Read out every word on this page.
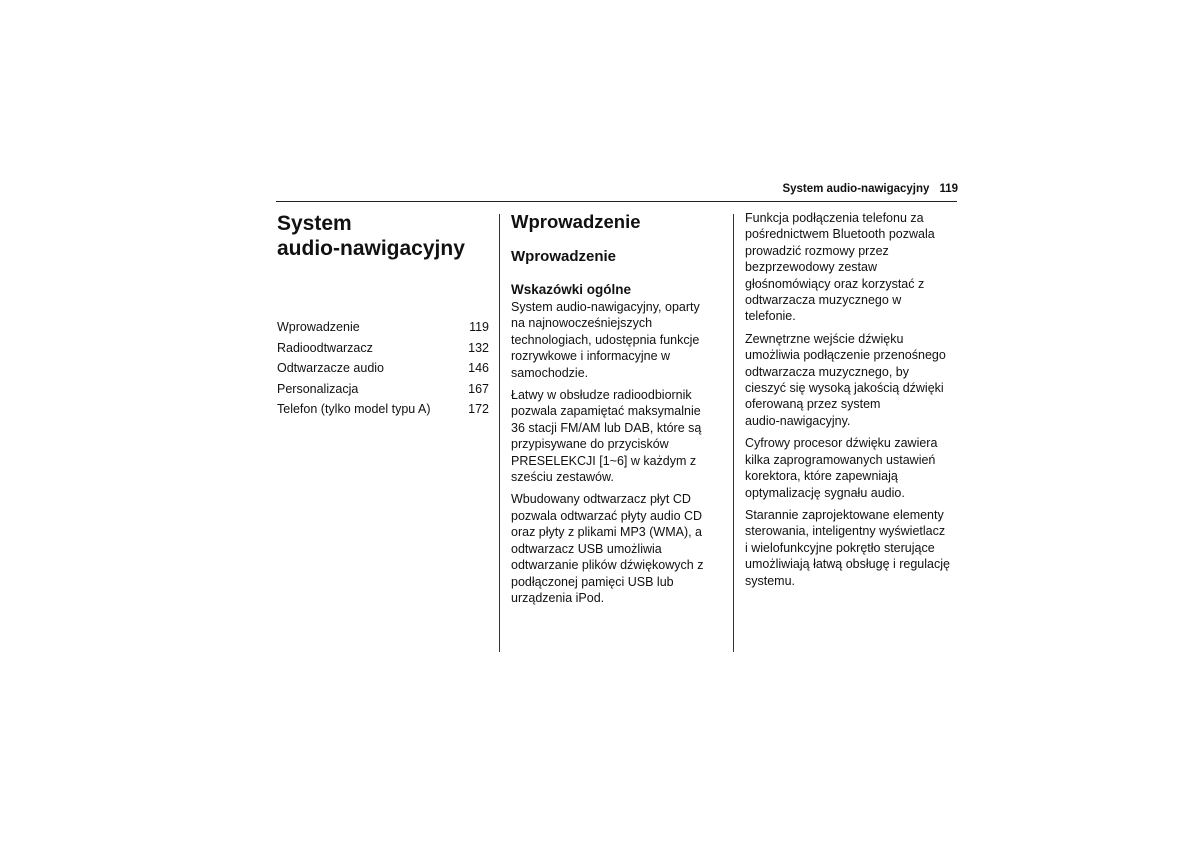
System audio-nawigacyjny 119
System
audio-nawigacyjny
Wprowadzenie	119
Radioodtwarzacz	132
Odtwarzacze audio	146
Personalizacja	167
Telefon (tylko model typu A)	172
Wprowadzenie
Wprowadzenie
Wskazówki ogólne

System audio-nawigacyjny, oparty
na najnowocześniejszych
technologiach, udostępnia funkcje
rozrywkowe i informacyjne w
samochodzie.

Łatwy w obsłudze radioodbiornik
pozwala zapamiętać maksymalnie
36 stacji FM/AM lub DAB, które są
przypisywane do przycisków
PRESELEKCJI [1~6] w każdym z
sześciu zestawów.

Wbudowany odtwarzacz płyt CD
pozwala odtwarzać płyty audio CD
oraz płyty z plikami MP3 (WMA), a
odtwarzacz USB umożliwia
odtwarzanie plików dźwiękowych z
podłączonej pamięci USB lub
urządzenia iPod.

Funkcja podłączenia telefonu za
pośrednictwem Bluetooth pozwala
prowadzić rozmowy przez
bezprzewodowy zestaw
głośnomówiący oraz korzystać z
odtwarzacza muzycznego w
telefonie.

Zewnętrzne wejście dźwięku
umożliwia podłączenie przenośnego
odtwarzacza muzycznego, by
cieszyć się wysoką jakością dźwięki
oferowaną przez system
audio-nawigacyjny.

Cyfrowy procesor dźwięku zawiera
kilka zaprogramowanych ustawień
korektora, które zapewniają
optymalizację sygnału audio.

Starannie zaprojektowane elementy
sterowania, inteligentny wyświetlacz
i wielofunkcyjne pokrętło sterujące
umożliwiają łatwą obsługę i regulację
systemu.
